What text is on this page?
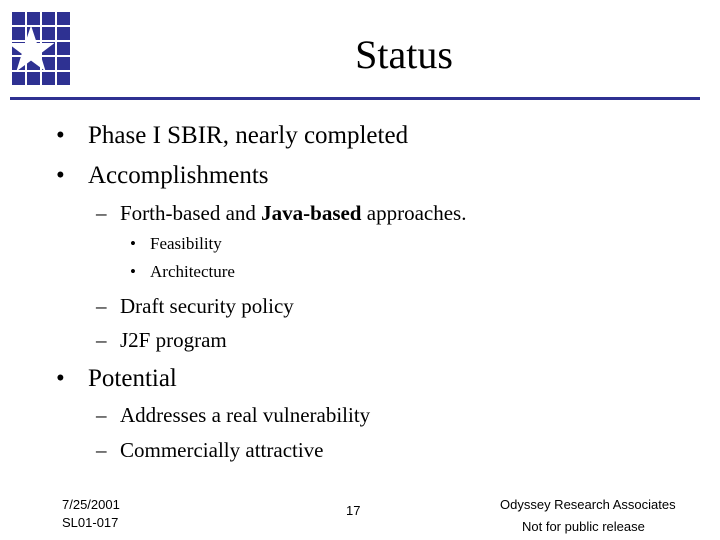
Status
• Phase I SBIR, nearly completed
• Accomplishments
– Forth-based and Java-based approaches.
• Feasibility
• Architecture
– Draft security policy
– J2F program
• Potential
– Addresses a real vulnerability
– Commercially attractive
7/25/2001
SL01-017
17	Odyssey Research Associates
Not for public release
